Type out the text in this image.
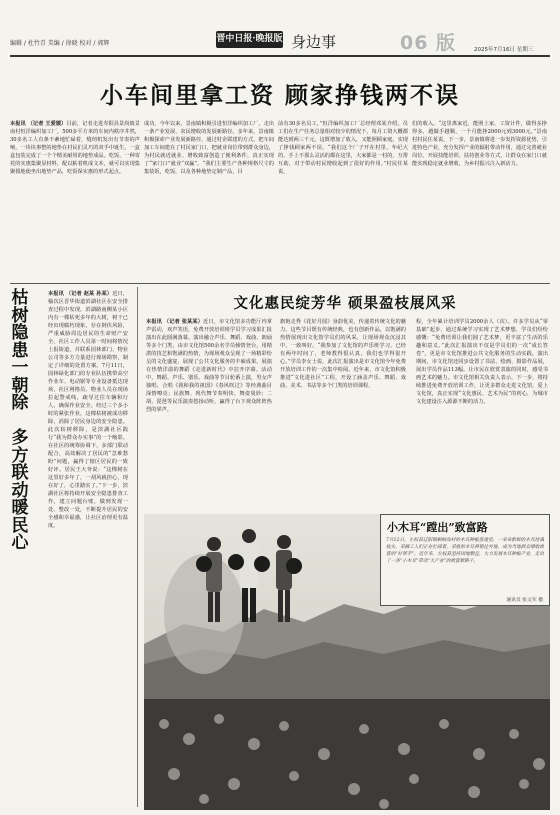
编辑 / 杜竹青 美编 / 徐晓 校对 / 郭辉	晋中日报·晚报版 身边事	06 版	2025年7月16日 星期三
小车间里拿工资 顾家挣钱两不误
本报讯 （记者 王爱媛）目前，记者走进寿阳县景尚镇景南村恒洋编织加工厂，500多平方米的车间内秩序井然，30多名工人有条不紊地忙碌着，缝纫机发出有节奏的声响，一块块事整的地垫在村民们灵巧的双手中诞生，一盒盒包装完成了一个个精美耐用的地垫成品。吃饭，一种寄托的实惠集聚显材料，配以粘着机成文本，就可以实现集聚摸地使坐出地垫产品，吃饭保实惠的形式起点。
成功。今年以来，景南镇积极引进恒洋编织加工厂，走出一条产业发展、农民增收的发展新路径。多年来，景南镇积极探索产业发展新路径，通过村企联建的方式，把车间加工车间建在了村民家门口，把就业岗位带到群众身边，为村民就近就业、增收致富创造了便利条件，真正实现了“家门口”就业“双赢”。“我们主要生产各种规格尺寸的集装饭，吃饭，以及各种地垫定制产品，目
前有30多名员工，”恒洋编织加工厂总经理邓某介绍。员工们在生产任务总量相对较少的情况下，每月工资大概都能达到两三千元，这既增加了收入，又能照顾家庭，实现了挣钱顾家两不误。“我们这个厂子开在村里，年纪大的、手上不那么灵活的都在这里，大家都是一村的，互帮互助，对于带动村民增收起到了很好的作用。”村民任某说。
们的收入。“这里离家近，能照上家，工资计件，做得多挣得多，越做手越顺，一个月能挣2000元到3000元。”景南村村民任某说。下一步，景南镇将进一步发挥资源优势，引进特色产业，充分发挥产业的辐射带动作用，通过完善就业岗位、开展技能培训、扶持创业等方式，让群众在家门口就能实现稳定就业增收，为乡村振兴注入新活力。
枯
树
隐
患
一
朝
除

多
方
联
动
暖
民
心
本报讯 （记者 赵某 孙某）近日，榆次区晋华街道滨湖社区在安全排查过程中发现，滨湖路南侧某小区内有一棵枯死多年的大树，树干已经出现腐朽现象，存在倒伏风险，严重威胁周边居民的生命财产安全。社区工作人员第一时间将情况上报街道，并联系园林部门、物业公司等多方力量进行现场勘察，制定了详细的处置方案。7月11日，园林绿化部门的专业队伍携带高空作业车、电动锯等专业设备抵达现场，社区网格员、物业人员在现场拉起警戒线，疏导过往车辆和行人，确保作业安全。经过三个多小时的紧张作业，这棵枯树被成功移除，消除了居民身边的安全隐患。此次枯树移除，是滨湖社区践行“我为群众办实事”的一个缩影。在社区的统筹协调下，多部门联动配合，高效解决了居民的“急难愁盼”问题，赢得了辖区居民的一致好评。居民王大爷说：“这棵树在这里好多年了，一刮风就担心，现在好了，心里踏实了。”下一步，滨湖社区将持续开展安全隐患排查工作，建立问题台账，做到发现一处、整改一处，不断提升居民的安全感和幸福感，让社区治理更有温度。
文化惠民绽芳华 硕果盈枝展风采
本报讯 （记者 张某某）近日，市文化馆多功能厅内掌声雷动，欢声笑语，免费开放培训班学员学习成果汇报演出在此圆满落幕。演出融合声乐、舞蹈、戏曲、朗诵等多个门类，由市文化馆500余名学员倾情登台，用精湛的技艺和饱满的热情，为现场观众呈现了一场精彩纷呈的文化盛宴，展现了公共文化服务的丰硕成果。展演在热情洋溢的舞蹈《走进新时代》中拉开序幕。活动中，舞蹈、声乐、器乐、戏曲等节目轮番上演，男女声独唱、合唱《我和我的祖国》《春风吹过》等经典曲目深情嘹亮；民族舞、现代舞节奏明快、舞姿曼妙；二胡、琵琶等民乐演奏悠扬动听，赢得了台下观众阵阵热烈的掌声。
旗袍走秀《花好月圆》身韵优美，传递着传统文化的魅力。这些节目既有传统经典，也有创新作品，以饱满的热情展现出文化馆学员们的风采，让现场观众沉浸其中，一致叫好。“我参加了文化馆的声乐班学习，已经有两年时间了，老师教得很认真，我们也学得很开心。”学员李女士说。此次汇报演出是市文化馆今年免费开放培训工作的一次集中检阅。近年来，市文化馆积极推进“文化进社区”工程，开设了涵盖声乐、舞蹈、戏曲、美术、书法等多个门类的培训课程，
程，全年累计培训学员2000余人（次）。许多学员从“零基础”起步，通过系统学习实现了艺术梦想，学员们纷纷感慨：“免费培训让我们圆了艺术梦，更丰富了生活的乐趣和意义。”此次汇报演出不仅是学员们的一次“成长答卷”，更是市文化馆推进公共文化服务的生动实践。演出期间，市文化馆还同步设置了书法、绘画、摄影作品展，展出学员作品113幅，让市民在欣赏表演的同时，感受书画艺术的魅力。市文化馆相关负责人表示，下一步，将持续推进免费开放培训工作，让更多群众走进文化馆，爱上文化馆，真正实现“文化惠民、艺术为民”的初心，为城市文化建设注入源源不断的活力。
小木耳“蹚出”致富路
7月12日，左权县辽阳镇桐峪沟村的木耳种植基地里，一朵朵新鲜的木耳挂满枝头，采摘工人们正在忙碌着，采收的木耳将销往外地，成为当地群众增收致富的“好帮手”。近年来，左权县坚持因地制宜，大力发展木耳种植产业，走出了一条“小木耳”带动“大产业”的致富新路子。
通讯员 张文军 摄
